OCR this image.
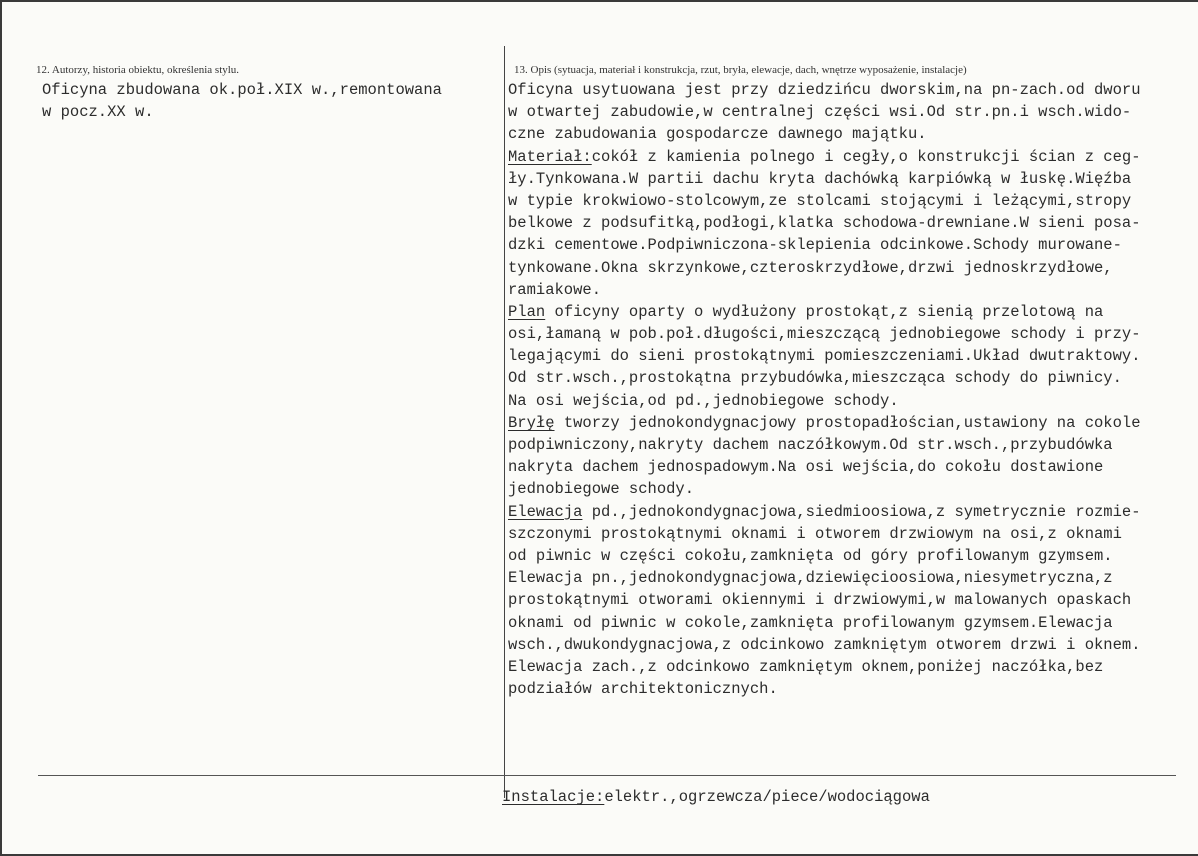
12. Autorzy, historia obiektu, określenia stylu.
Oficyna zbudowana ok.poł.XIX w.,remontowana
w pocz.XX w.
13. Opis (sytuacja, materiał i konstrukcja, rzut, bryła, elewacje, dach, wnętrze wyposażenie, instalacje)
Oficyna usytuowana jest przy dziedzińcu dworskim,na pn-zach.od dworu
w otwartej zabudowie,w centralnej części wsi.Od str.pn.i wsch.wido-
czne zabudowania gospodarcze dawnego majątku.
Materiał:cokół z kamienia polnego i cegły,o konstrukcji ścian z ceg-
ły.Tynkowana.W partii dachu kryta dachówką karpiówką w łuskę.Więźba
w typie krokwiowo-stolcowym,ze stolcami stojącymi i leżącymi,stropy
belkowe z podsufitką,podłogi,klatka schodowa-drewniane.W sieni posa-
dzki cementowe.Podpiwniczona-sklepienia odcinkowe.Schody murowane-
tynkowane.Okna skrzynkowe,czteroskrzydłowe,drzwi jednoskrzydłowe,
ramiakowe.
Plan oficyny oparty o wydłużony prostokąt,z sienią przelotową na
osi,łamaną w pob.poł.długości,mieszczącą jednobiegowe schody i przy-
legającymi do sieni prostokątnymi pomieszczeniami.Układ dwutraktowy.
Od str.wsch.,prostokątna przybudówka,mieszcząca schody do piwnicy.
Na osi wejścia,od pd.,jednobiegowe schody.
Bryłę tworzy jednokondygnacjowy prostopadłościan,ustawiony na cokole
podpiwniczony,nakryty dachem naczółkowym.Od str.wsch.,przybudówka
nakryta dachem jednospadowym.Na osi wejścia,do cokołu dostawione
jednobiegowe schody.
Elewacja pd.,jednokondygnacjowa,siedmioosiowa,z symetrycznie rozmie-
szczonymi prostokątnymi oknami i otworem drzwiowym na osi,z oknami
od piwnic w części cokołu,zamknięta od góry profilowanym gzymsem.
Elewacja pn.,jednokondygnacjowa,dziewięcioosiowa,niesymetryczna,z
prostokątnymi otworami okiennymi i drzwiowymi,w malowanych opaskach
oknami od piwnic w cokole,zamknięta profilowanym gzymsem.Elewacja
wsch.,dwukondygnacjowa,z odcinkowo zamkniętym otworem drzwi i oknem.
Elewacja zach.,z odcinkowo zamkniętym oknem,poniżej naczółka,bez
podziałów architektonicznych.
Instalacje:elektr.,ogrzewcza/piece/wodociągowa
